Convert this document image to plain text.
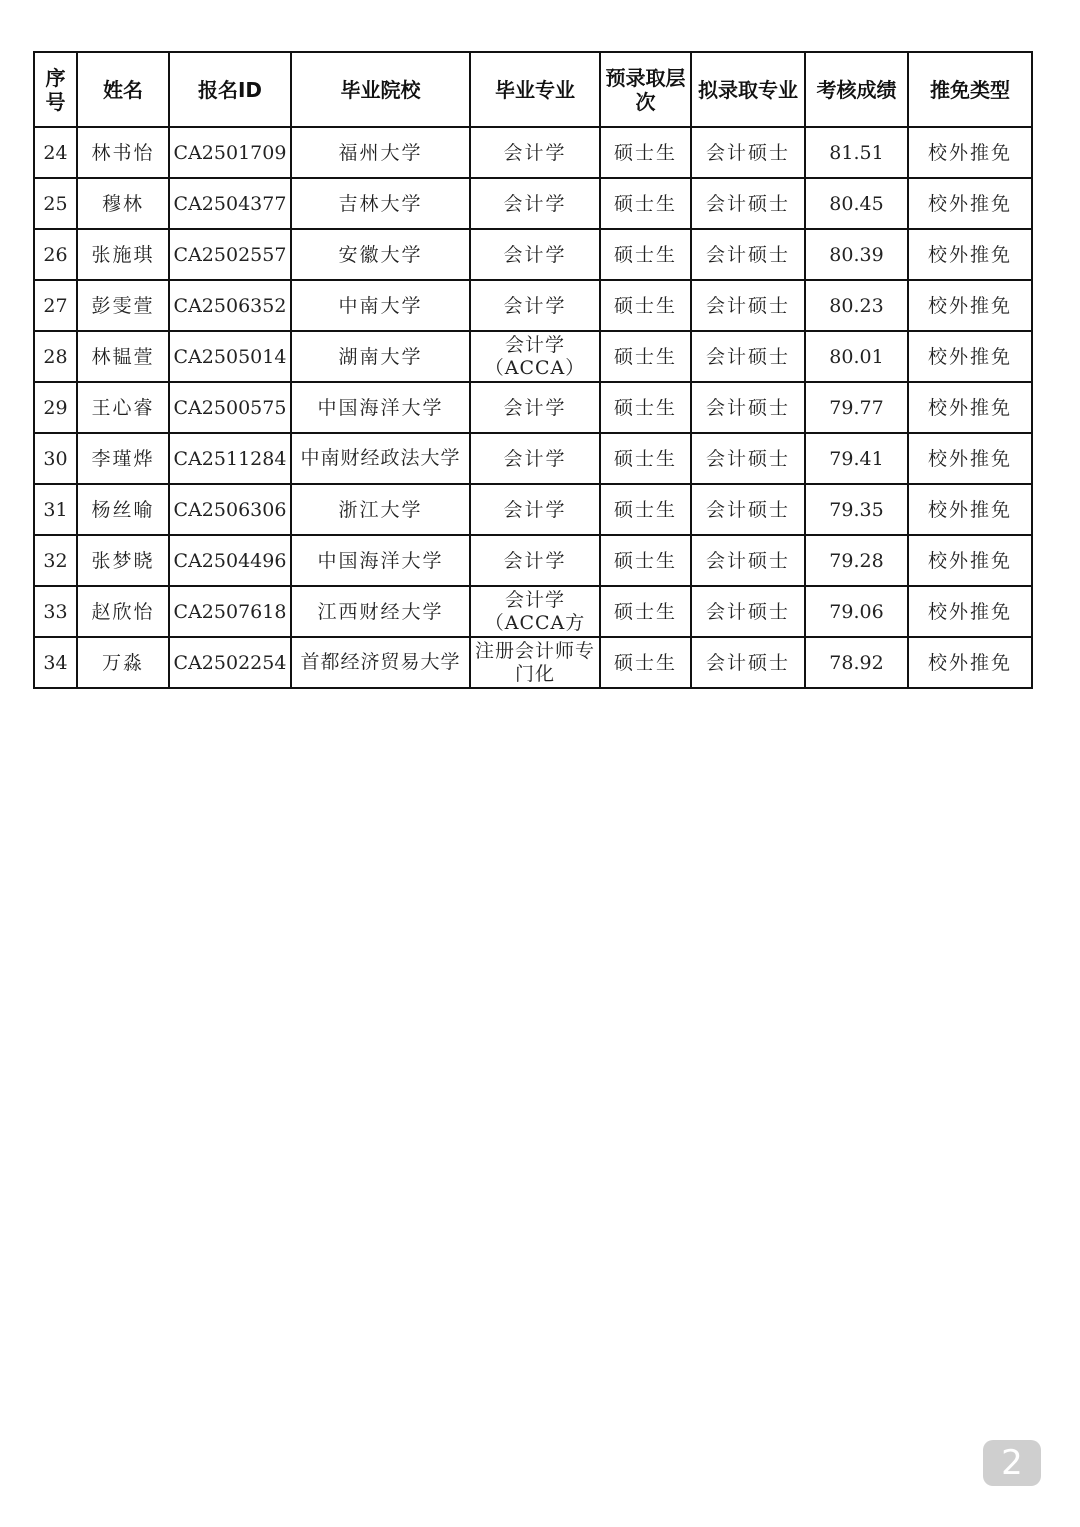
序号	姓名	报名ID	毕业院校	毕业专业	预录取层次	拟录取专业	考核成绩	推免类型
24	林书怡	CA2501709	福州大学	会计学	硕士生	会计硕士	81.51	校外推免
25	穆林	CA2504377	吉林大学	会计学	硕士生	会计硕士	80.45	校外推免
26	张施琪	CA2502557	安徽大学	会计学	硕士生	会计硕士	80.39	校外推免
27	彭雯萱	CA2506352	中南大学	会计学	硕士生	会计硕士	80.23	校外推免
28	林韫萱	CA2505014	湖南大学	会计学（ACCA）	硕士生	会计硕士	80.01	校外推免
29	王心睿	CA2500575	中国海洋大学	会计学	硕士生	会计硕士	79.77	校外推免
30	李瑾烨	CA2511284	中南财经政法大学	会计学	硕士生	会计硕士	79.41	校外推免
31	杨丝喻	CA2506306	浙江大学	会计学	硕士生	会计硕士	79.35	校外推免
32	张梦晓	CA2504496	中国海洋大学	会计学	硕士生	会计硕士	79.28	校外推免
33	赵欣怡	CA2507618	江西财经大学	会计学（ACCA方	硕士生	会计硕士	79.06	校外推免
34	万淼	CA2502254	首都经济贸易大学	注册会计师专门化	硕士生	会计硕士	78.92	校外推免
2
